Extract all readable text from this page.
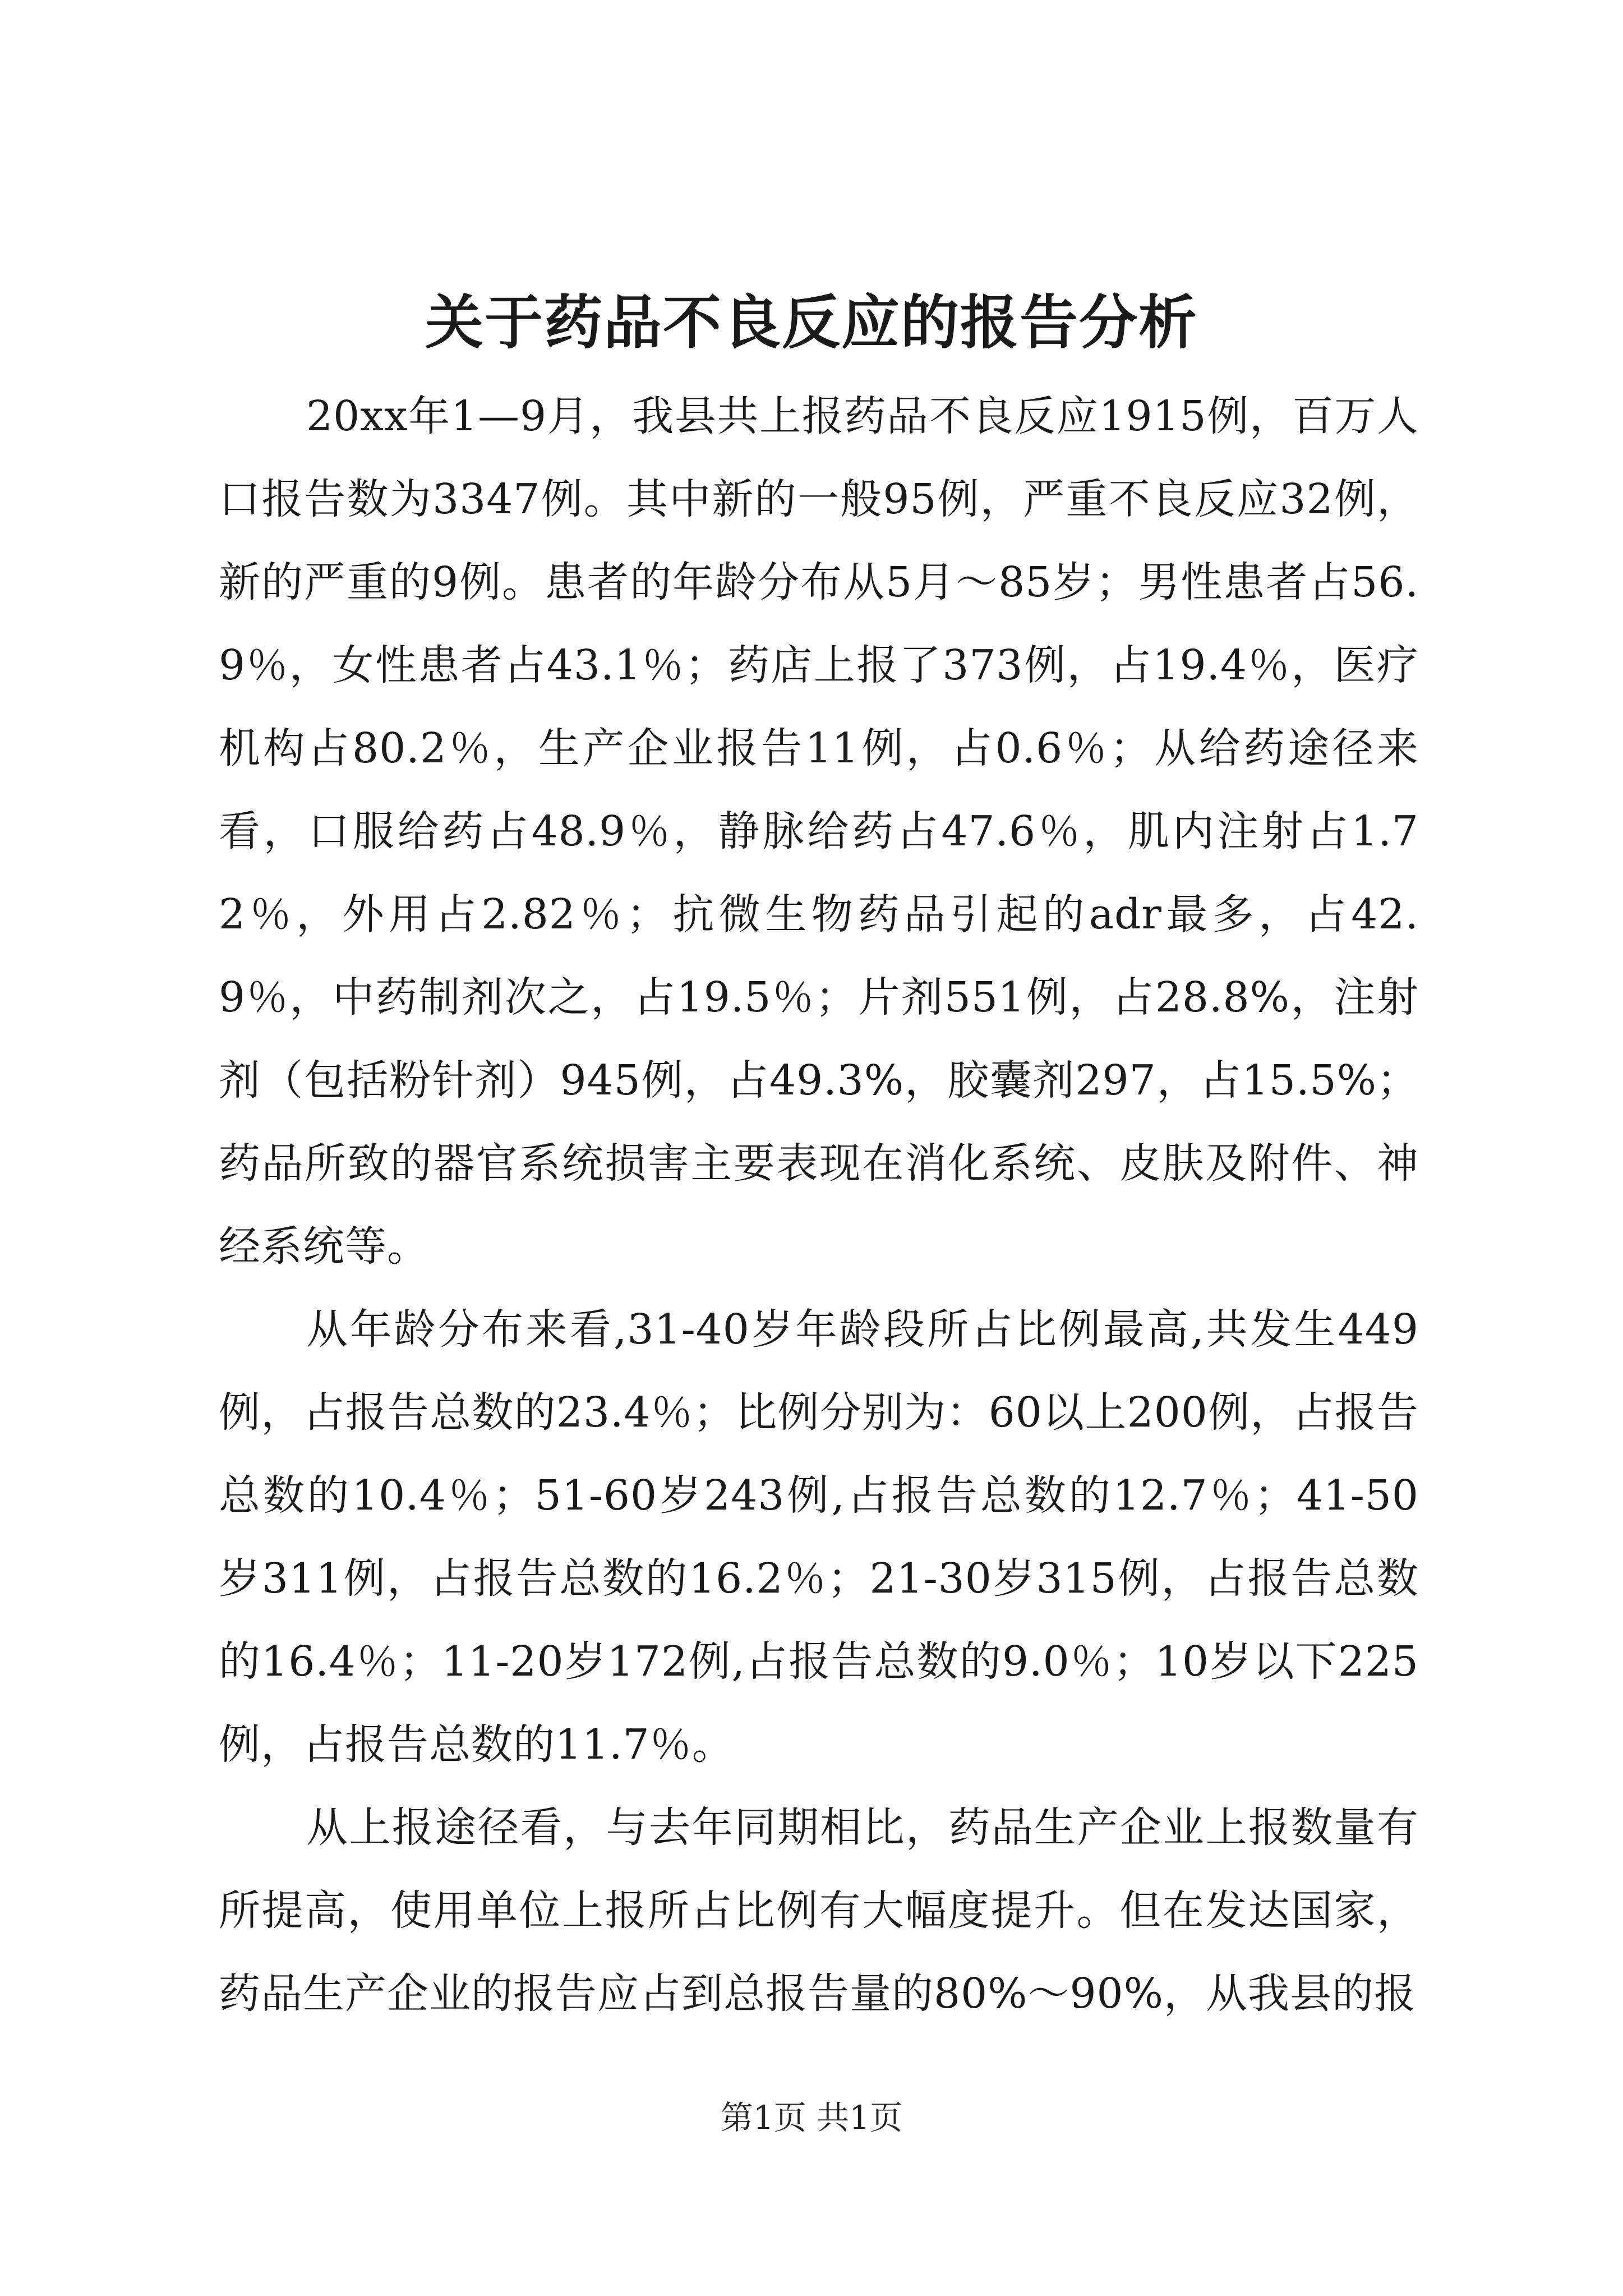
关于药品不良反应的报告分析

20xx年1—9月，我县共上报药品不良反应1915例，百万人口报告数为3347例。其中新的一般95例，严重不良反应32例，新的严重的9例。患者的年龄分布从5月～85岁；男性患者占56.9％，女性患者占43.1％；药店上报了373例，占19.4％，医疗机构占80.2％，生产企业报告11例，占0.6％；从给药途径来看，口服给药占48.9％，静脉给药占47.6％，肌内注射占1.72％，外用占2.82％；抗微生物药品引起的adr最多，占42.9％，中药制剂次之，占19.5％；片剂551例，占28.8%，注射剂（包括粉针剂）945例，占49.3%，胶囊剂297，占15.5%；药品所致的器官系统损害主要表现在消化系统、皮肤及附件、神经系统等。

从年龄分布来看,31-40岁年龄段所占比例最高,共发生449例，占报告总数的23.4％；比例分别为：60以上200例，占报告总数的10.4％；51-60岁243例,占报告总数的12.7％；41-50岁311例，占报告总数的16.2％；21-30岁315例，占报告总数的16.4％；11-20岁172例,占报告总数的9.0％；10岁以下225例，占报告总数的11.7％。

从上报途径看，与去年同期相比，药品生产企业上报数量有所提高，使用单位上报所占比例有大幅度提升。但在发达国家，药品生产企业的报告应占到总报告量的80%～90%，从我县的报

第1页 共1页
